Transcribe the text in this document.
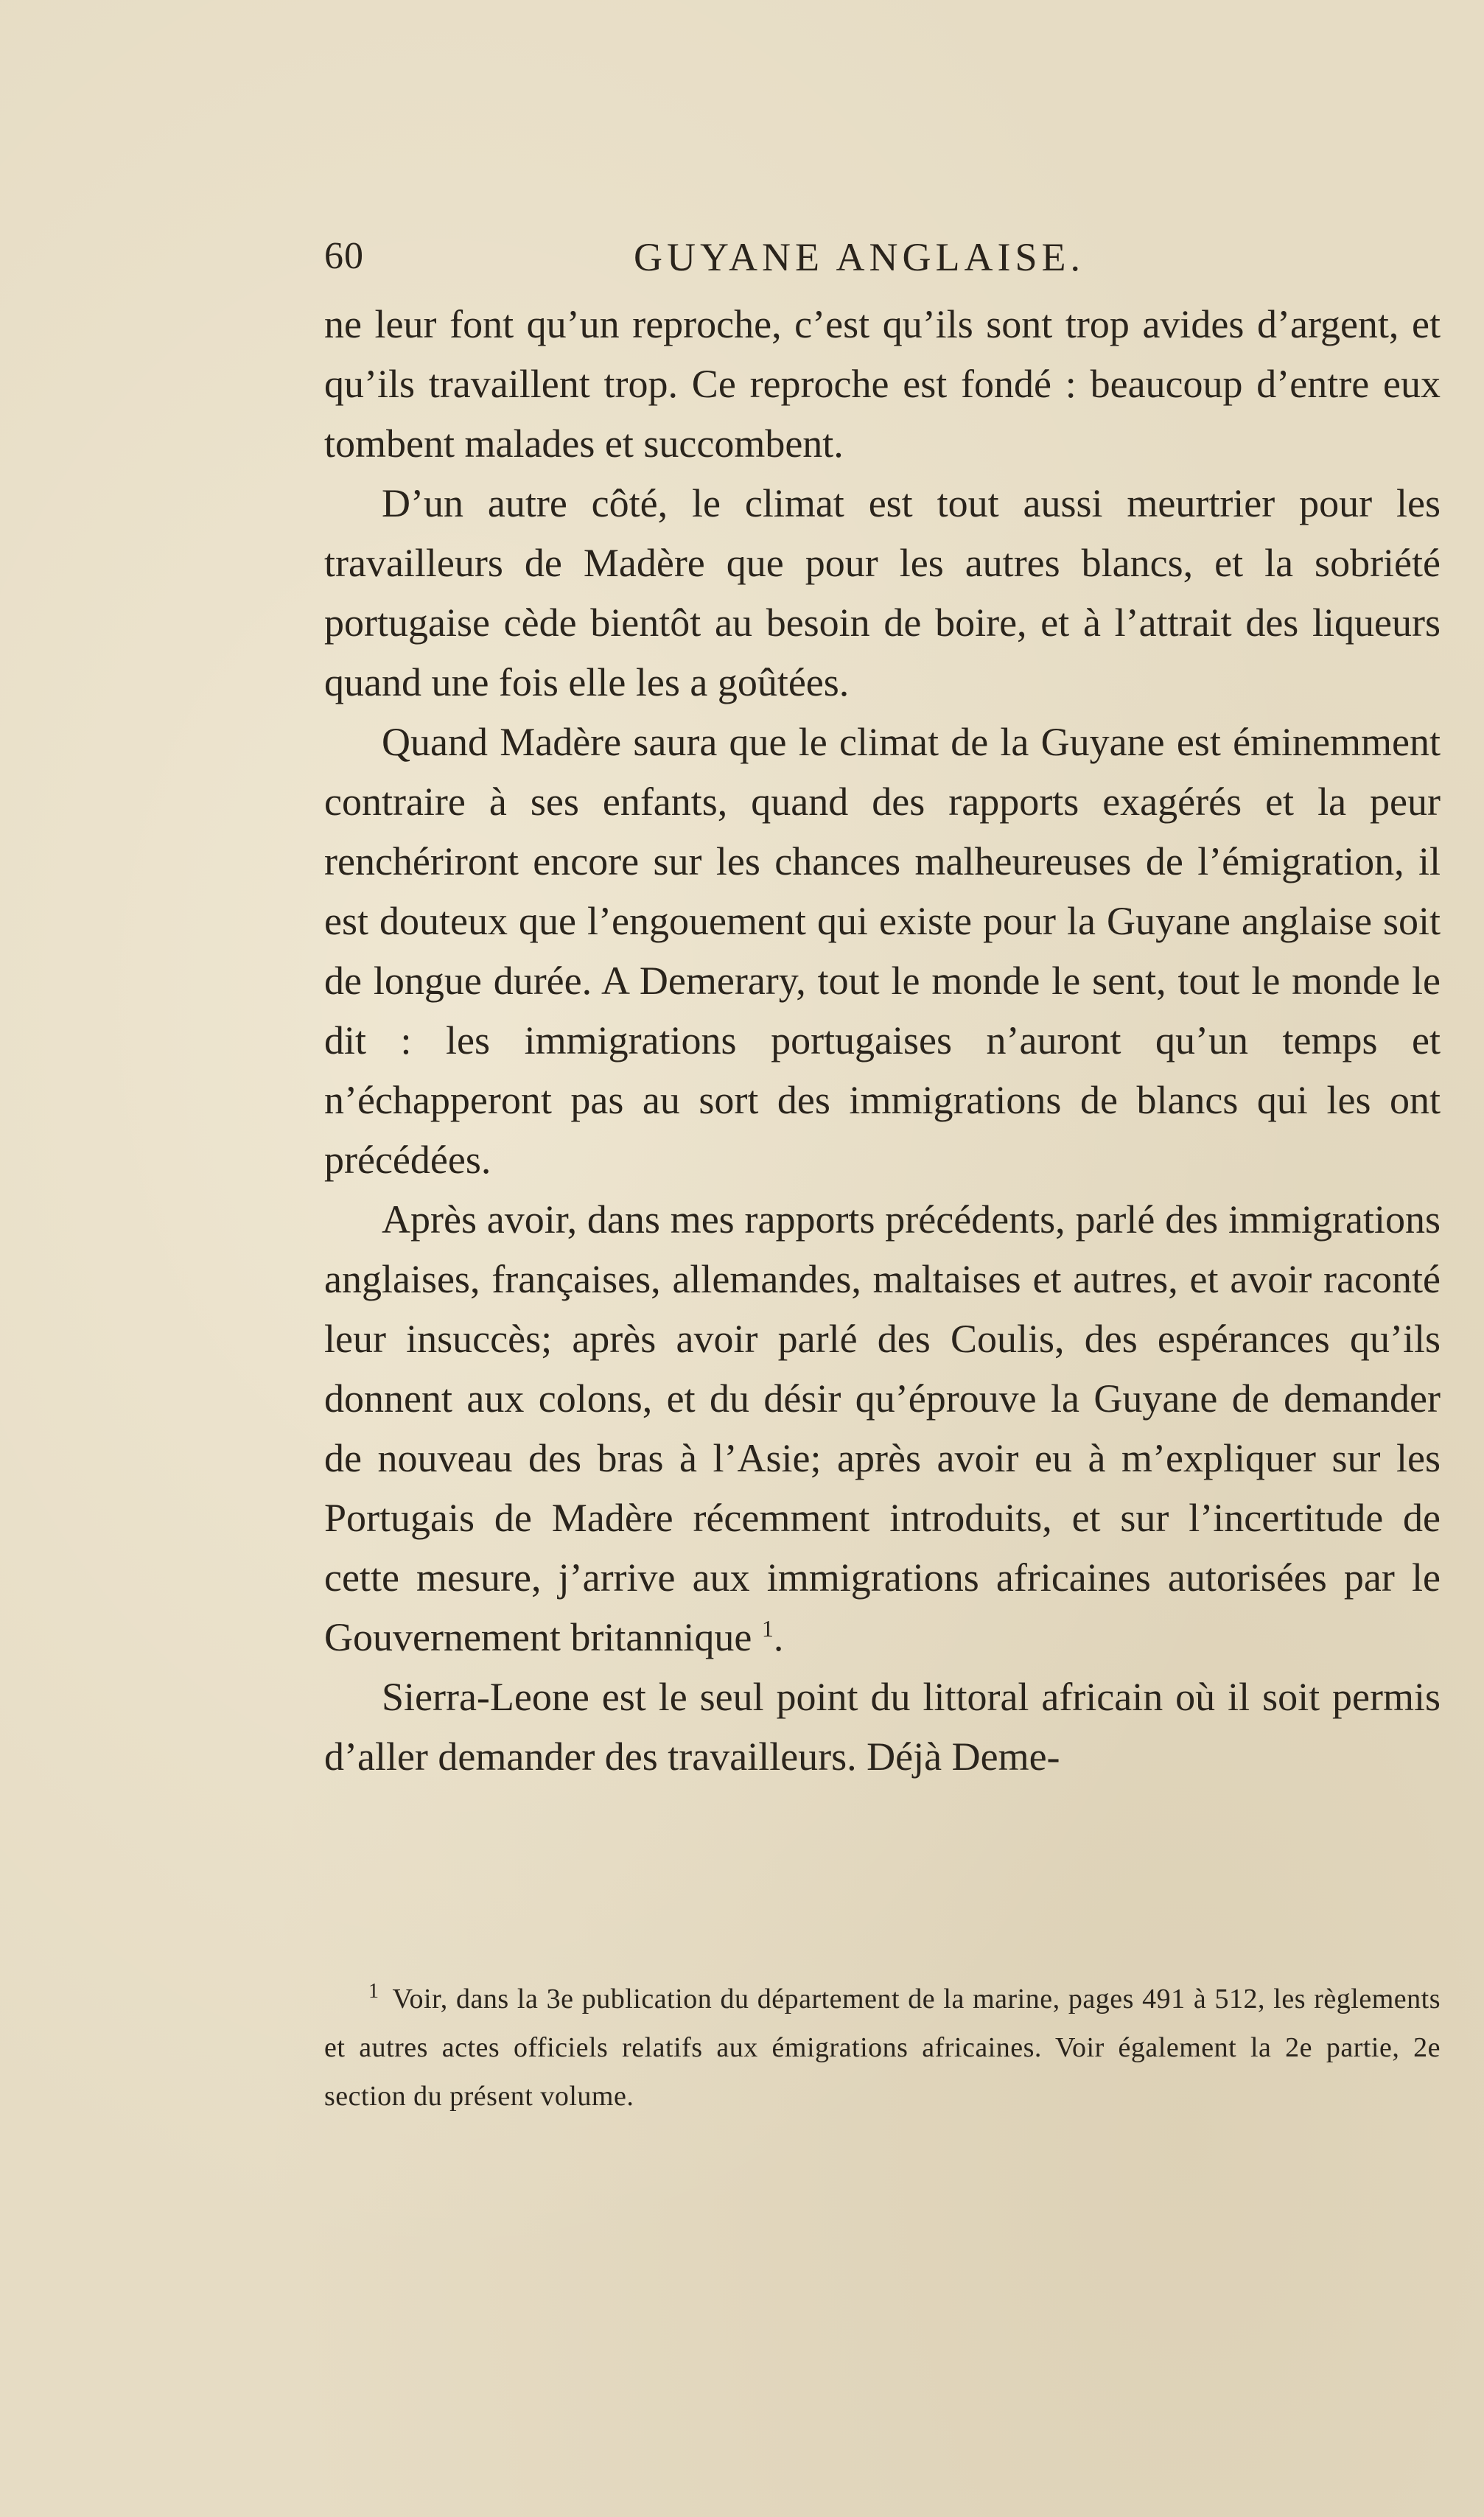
60	GUYANE ANGLAISE.

ne leur font qu’un reproche, c’est qu’ils sont trop avides d’argent, et qu’ils travaillent trop. Ce reproche est fondé : beaucoup d’entre eux tombent malades et succombent.

D’un autre côté, le climat est tout aussi meurtrier pour les travailleurs de Madère que pour les autres blancs, et la sobriété portugaise cède bientôt au besoin de boire, et à l’attrait des liqueurs quand une fois elle les a goûtées.

Quand Madère saura que le climat de la Guyane est éminemment contraire à ses enfants, quand des rapports exagérés et la peur renchériront encore sur les chances malheureuses de l’émigration, il est douteux que l’engouement qui existe pour la Guyane anglaise soit de longue durée. A Demerary, tout le monde le sent, tout le monde le dit : les immigrations portugaises n’auront qu’un temps et n’échapperont pas au sort des immigrations de blancs qui les ont précédées.

Après avoir, dans mes rapports précédents, parlé des immigrations anglaises, françaises, allemandes, maltaises et autres, et avoir raconté leur insuccès; après avoir parlé des Coulis, des espérances qu’ils donnent aux colons, et du désir qu’éprouve la Guyane de demander de nouveau des bras à l’Asie; après avoir eu à m’expliquer sur les Portugais de Madère récemment introduits, et sur l’incertitude de cette mesure, j’arrive aux immigrations africaines autorisées par le Gouvernement britannique $^1$.

Sierra-Leone est le seul point du littoral africain où il soit permis d’aller demander des travailleurs. Déjà Deme-

$^1$ Voir, dans la 3e publication du département de la marine, pages 491 à 512, les règlements et autres actes officiels relatifs aux émigrations africaines. Voir également la 2e partie, 2e section du présent volume.
